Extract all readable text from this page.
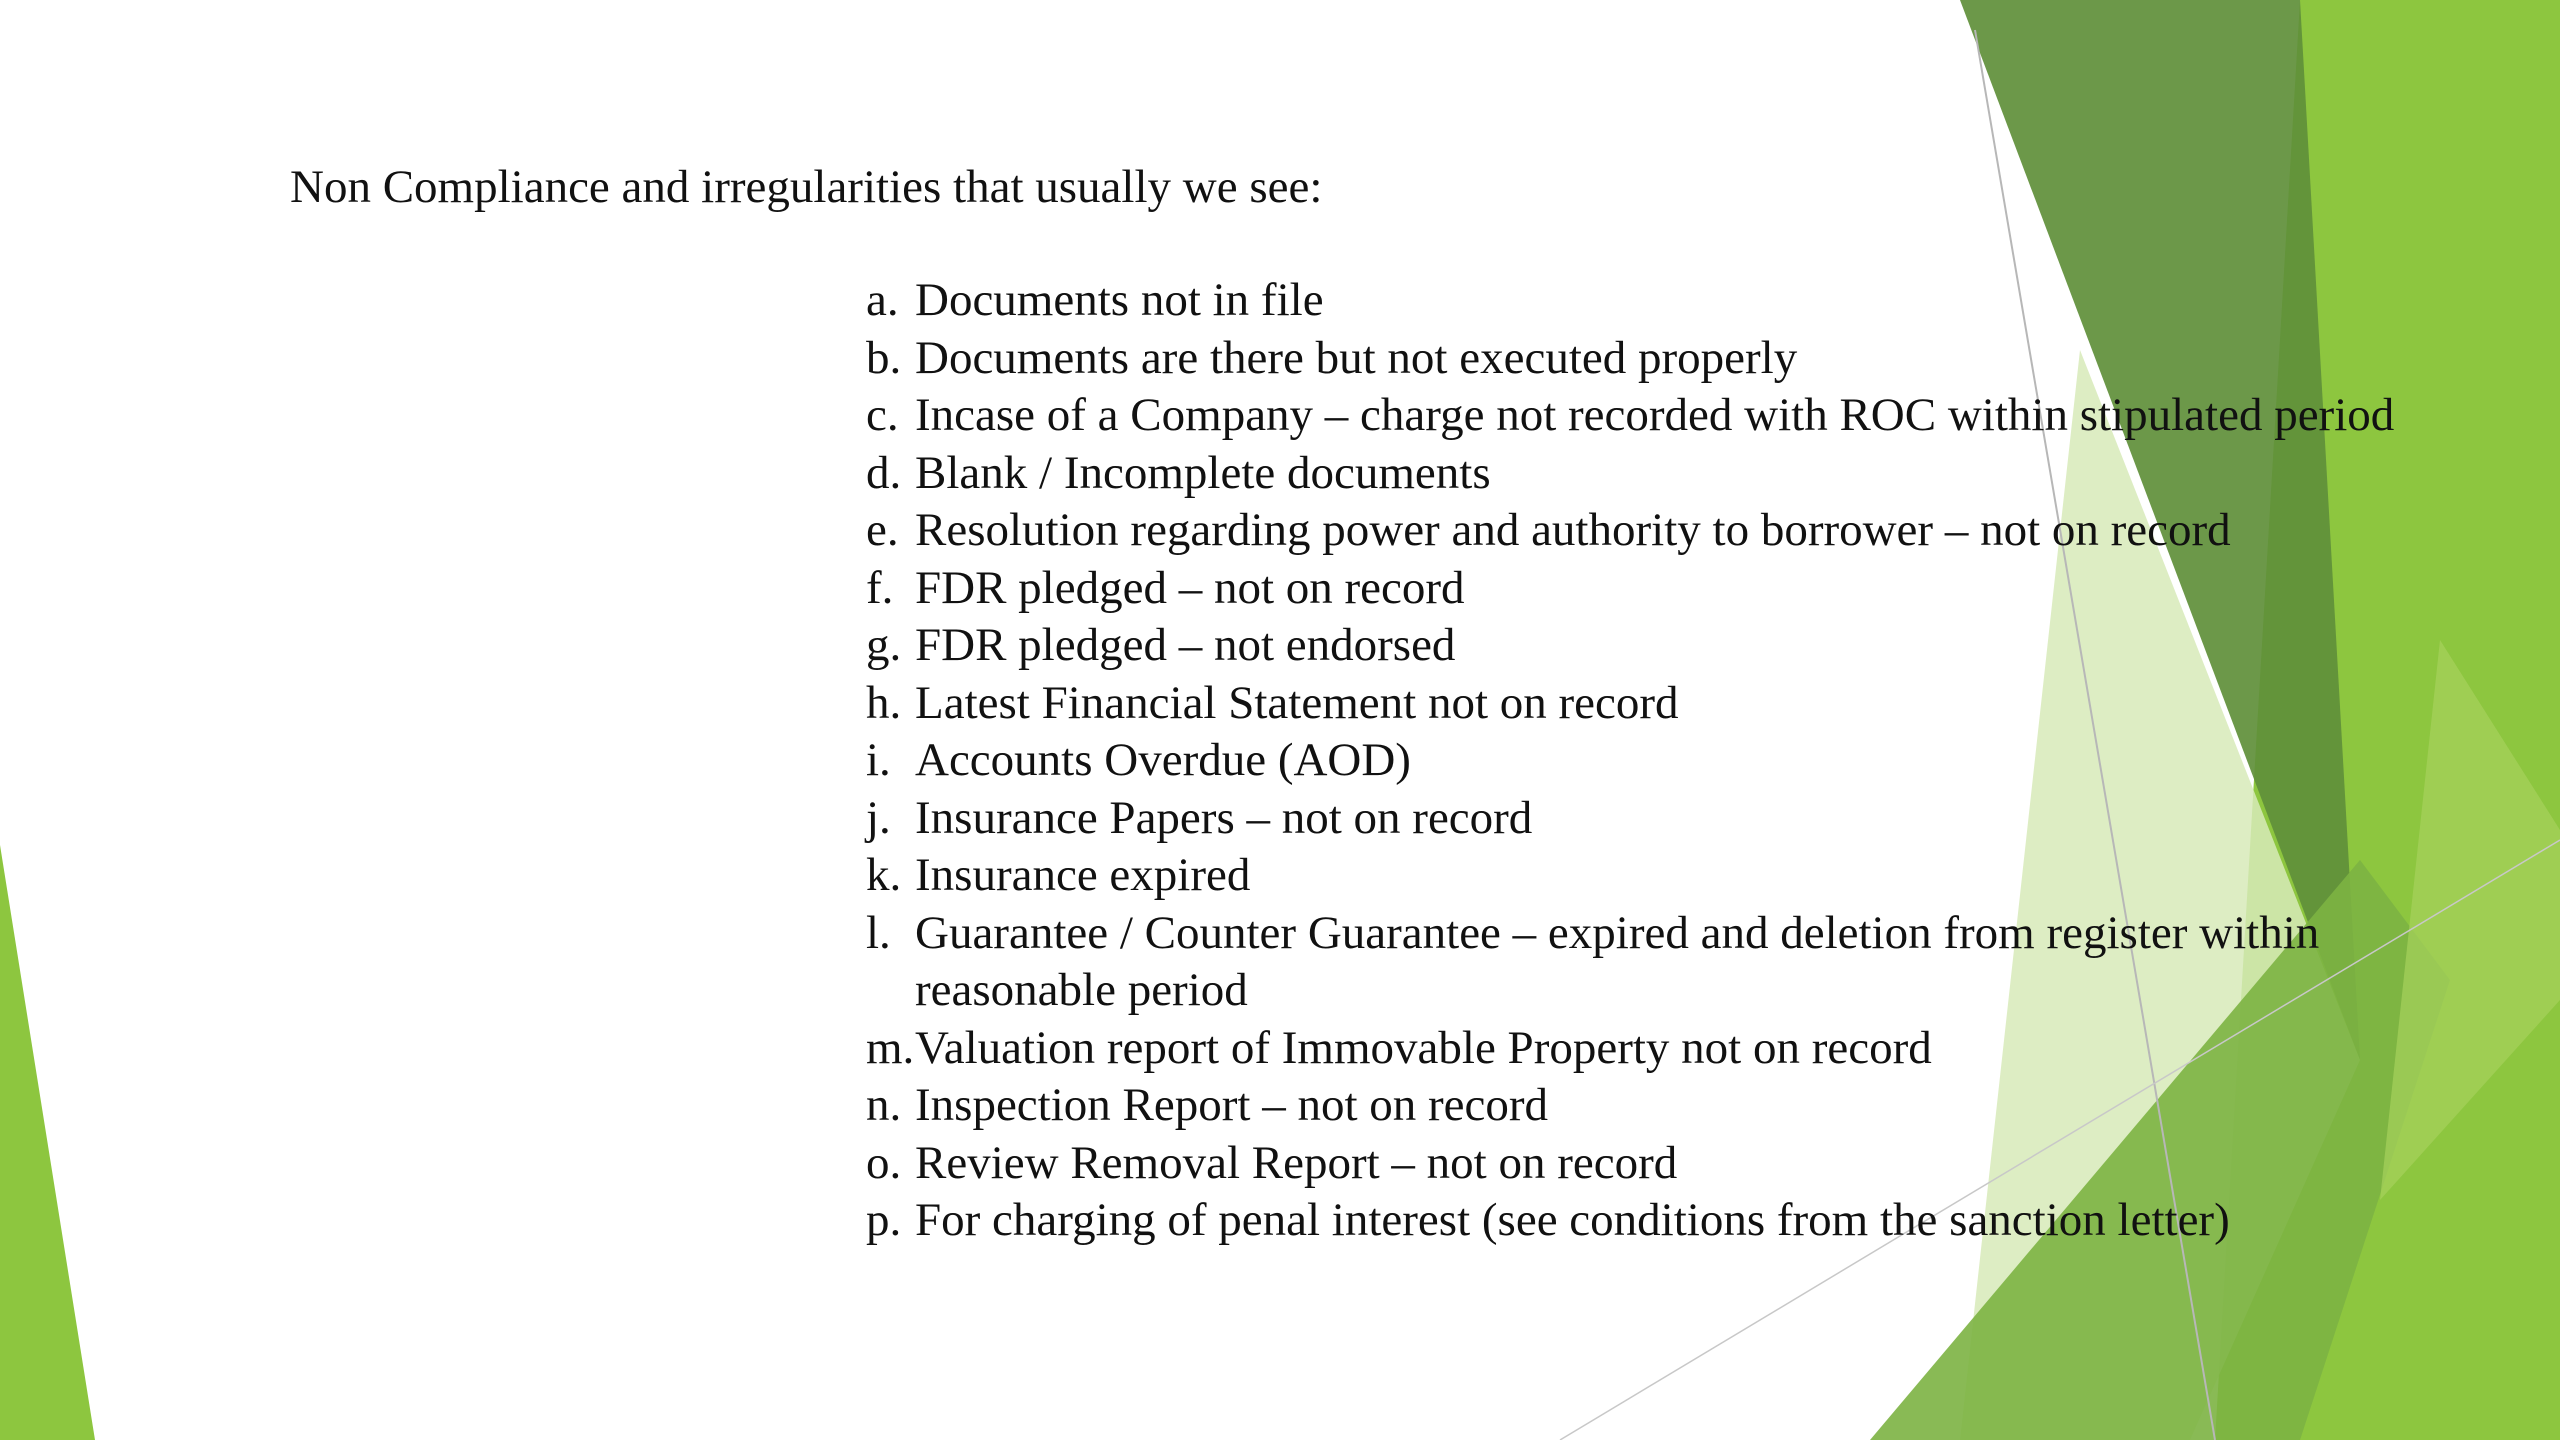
Non Compliance and irregularities that usually we see:
a. Documents not in file
b. Documents are there but not executed properly
c. Incase of a Company – charge not recorded with ROC within stipulated period
d. Blank / Incomplete documents
e. Resolution regarding power and authority to borrower – not on record
f. FDR pledged – not on record
g. FDR pledged – not endorsed
h. Latest Financial Statement not on record
i. Accounts Overdue (AOD)
j. Insurance Papers – not on record
k. Insurance expired
l. Guarantee / Counter Guarantee – expired and deletion from register within reasonable period
m. Valuation report of Immovable Property not on record
n. Inspection Report – not on record
o. Review Removal Report – not on record
p. For charging of penal interest (see conditions from the sanction letter)
